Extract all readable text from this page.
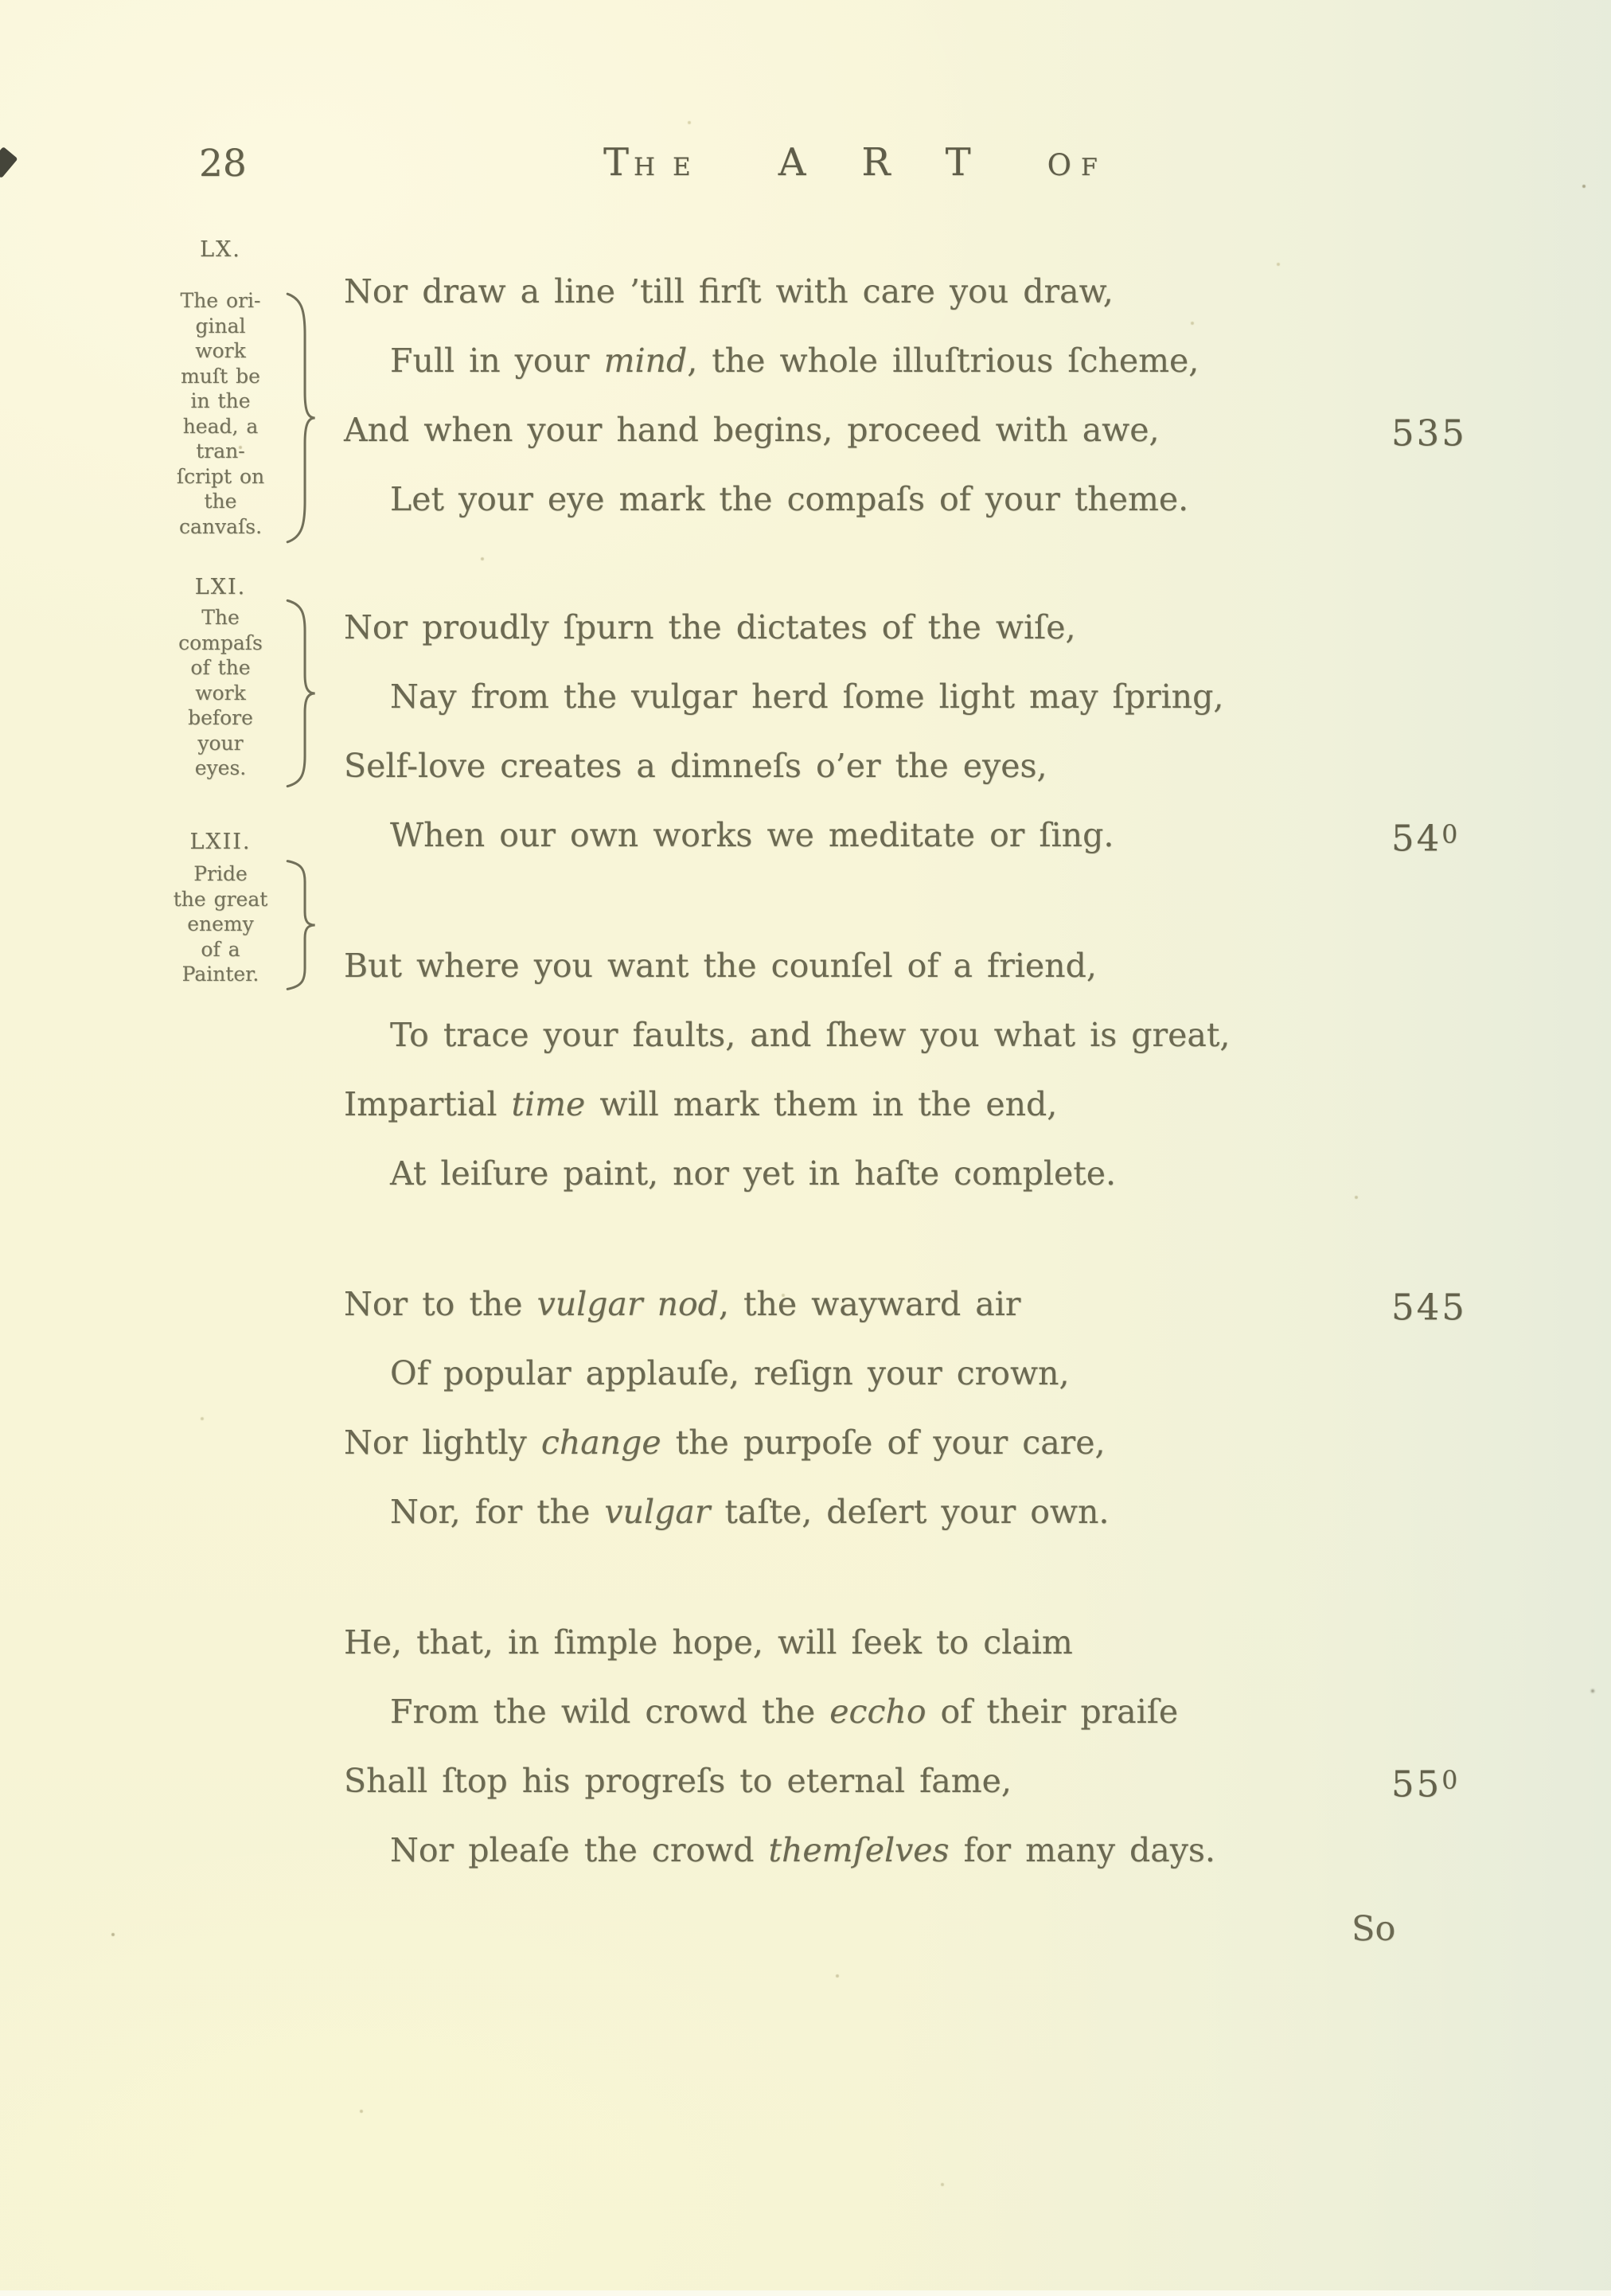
28	T HE ART O F
LX.
The ori-
ginal
work
muſt be
in the
head, a
tran-
ſcript on
the
canvaſs.
LXI.
The
compaſs
of the
work
before
your
eyes.
LXII.
Pride
the great
enemy
of a
Painter.
Nor draw a line ’till firſt with care you draw,
Full in your mind, the whole illuſtrious ſcheme,
And when your hand begins, proceed with awe,	535
Let your eye mark the compaſs of your theme.
Nor proudly ſpurn the dictates of the wiſe,
Nay from the vulgar herd ſome light may ſpring,
Self-love creates a dimneſs o’er the eyes,
When our own works we meditate or ſing.	$54^0$
But where you want the counſel of a friend,
To trace your faults, and ſhew you what is great,
Impartial time will mark them in the end,
At leiſure paint, nor yet in haſte complete.
Nor to the vulgar nod, the wayward air	545
Of popular applauſe, reſign your crown,
Nor lightly change the purpoſe of your care,
Nor, for the vulgar taſte, deſert your own.
He, that, in ſimple hope, will ſeek to claim
From the wild crowd the eccho of their praiſe
Shall ſtop his progreſs to eternal fame,	$55^0$
Nor pleaſe the crowd themſelves for many days.
So
